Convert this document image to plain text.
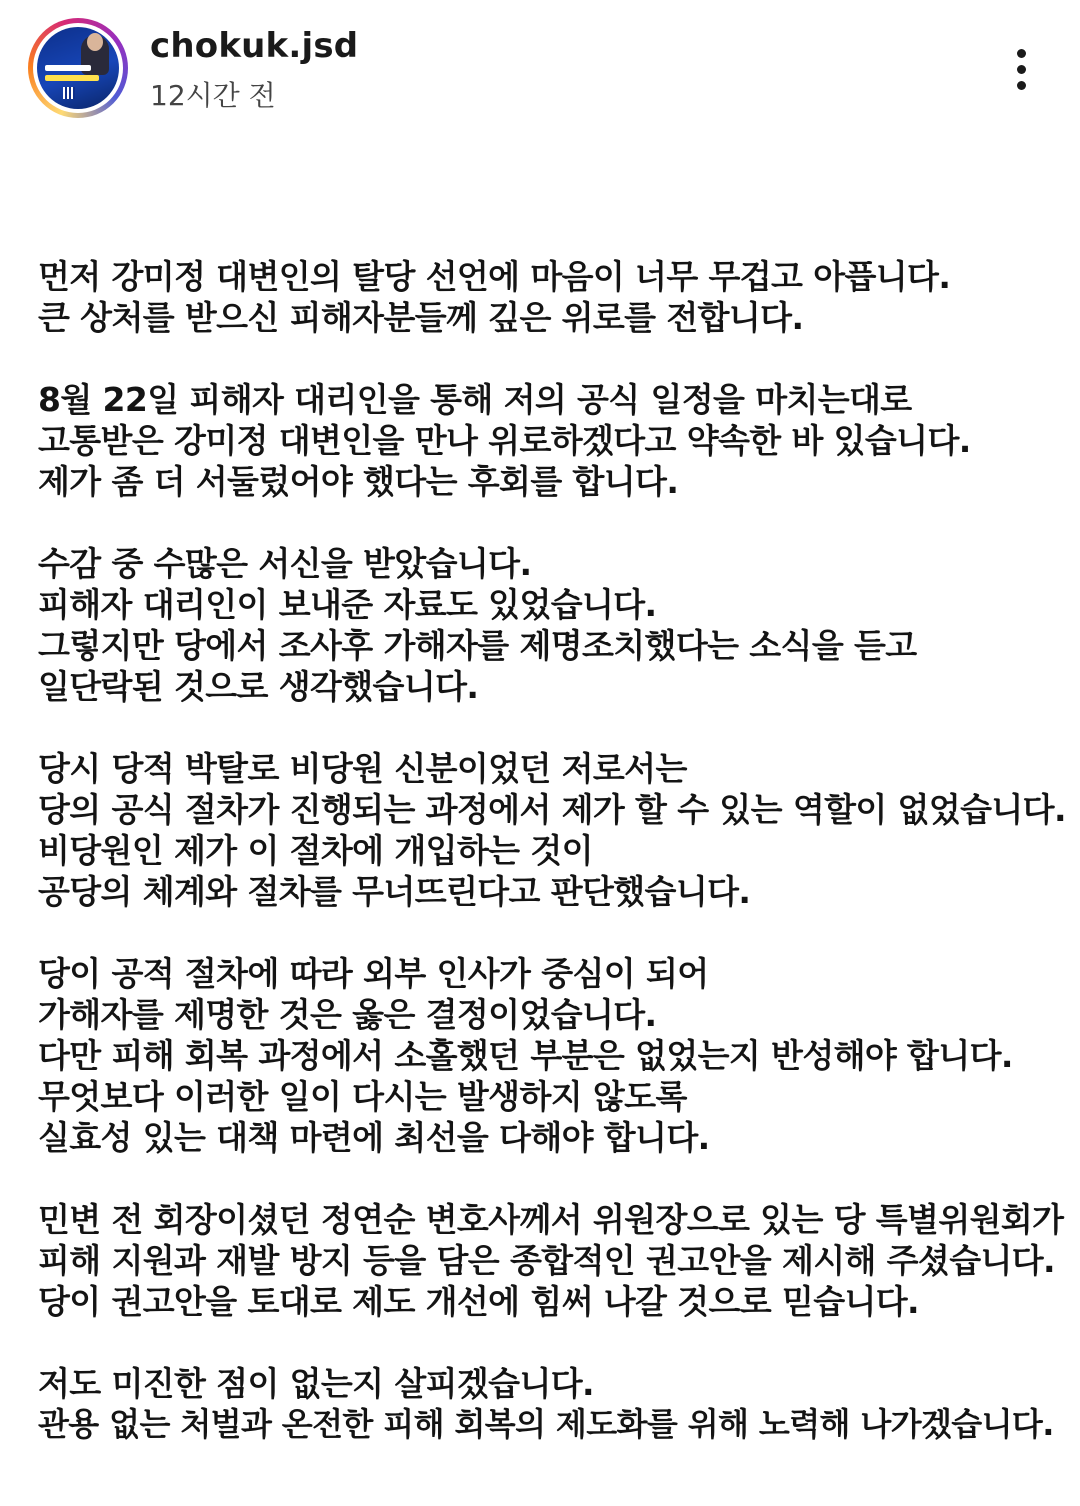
chokuk.jsd
12시간 전
먼저 강미정 대변인의 탈당 선언에 마음이 너무 무겁고 아픕니다.
큰 상처를 받으신 피해자분들께 깊은 위로를 전합니다.
8월 22일 피해자 대리인을 통해 저의 공식 일정을 마치는대로
고통받은 강미정 대변인을 만나 위로하겠다고 약속한 바 있습니다.
제가 좀 더 서둘렀어야 했다는 후회를 합니다.
수감 중 수많은 서신을 받았습니다.
피해자 대리인이 보내준 자료도 있었습니다.
그렇지만 당에서 조사후 가해자를 제명조치했다는 소식을 듣고
일단락된 것으로 생각했습니다.
당시 당적 박탈로 비당원 신분이었던 저로서는
당의 공식 절차가 진행되는 과정에서 제가 할 수 있는 역할이 없었습니다.
비당원인 제가 이 절차에 개입하는 것이
공당의 체계와 절차를 무너뜨린다고 판단했습니다.
당이 공적 절차에 따라 외부 인사가 중심이 되어
가해자를 제명한 것은 옳은 결정이었습니다.
다만 피해 회복 과정에서 소홀했던 부분은 없었는지 반성해야 합니다.
무엇보다 이러한 일이 다시는 발생하지 않도록
실효성 있는 대책 마련에 최선을 다해야 합니다.
민변 전 회장이셨던 정연순 변호사께서 위원장으로 있는 당 특별위원회가
피해 지원과 재발 방지 등을 담은 종합적인 권고안을 제시해 주셨습니다.
당이 권고안을 토대로 제도 개선에 힘써 나갈 것으로 믿습니다.
저도 미진한 점이 없는지 살피겠습니다.
관용 없는 처벌과 온전한 피해 회복의 제도화를 위해 노력해 나가겠습니다.
